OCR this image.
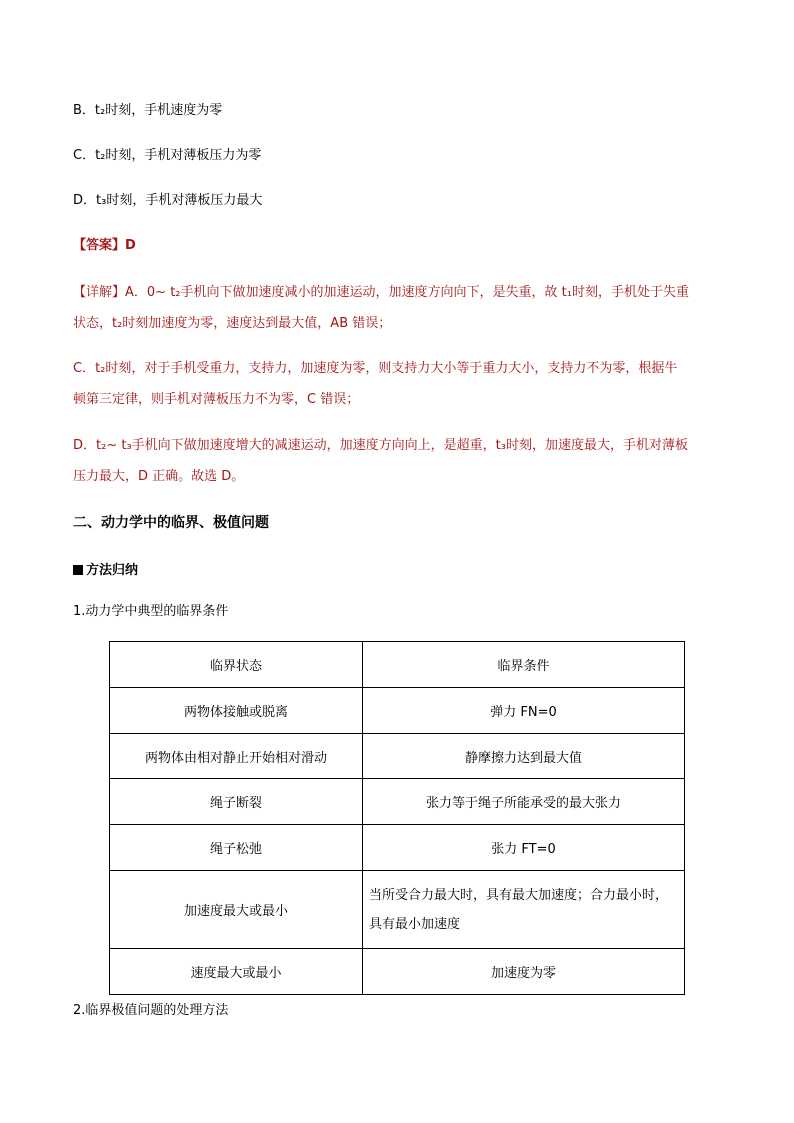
B．t₂时刻，手机速度为零
C．t₂时刻，手机对薄板压力为零
D．t₃时刻，手机对薄板压力最大
【答案】D
【详解】A．0~ t₂手机向下做加速度减小的加速运动，加速度方向向下，是失重，故 t₁时刻，手机处于失重
状态，t₂时刻加速度为零，速度达到最大值，AB 错误；
C．t₂时刻，对于手机受重力，支持力，加速度为零，则支持力大小等于重力大小，支持力不为零，根据牛
顿第三定律，则手机对薄板压力不为零，C 错误；
D．t₂~ t₃手机向下做加速度增大的减速运动，加速度方向向上，是超重，t₃时刻，加速度最大，手机对薄板
压力最大，D 正确。故选 D。
二、动力学中的临界、极值问题
方法归纳
1.动力学中典型的临界条件
临界状态	临界条件
两物体接触或脱离	弹力 FN=0
两物体由相对静止开始相对滑动	静摩擦力达到最大值
绳子断裂	张力等于绳子所能承受的最大张力
绳子松弛	张力 FT=0
加速度最大或最小	当所受合力最大时，具有最大加速度；合力最小时，具有最小加速度
速度最大或最小	加速度为零
2.临界极值问题的处理方法
